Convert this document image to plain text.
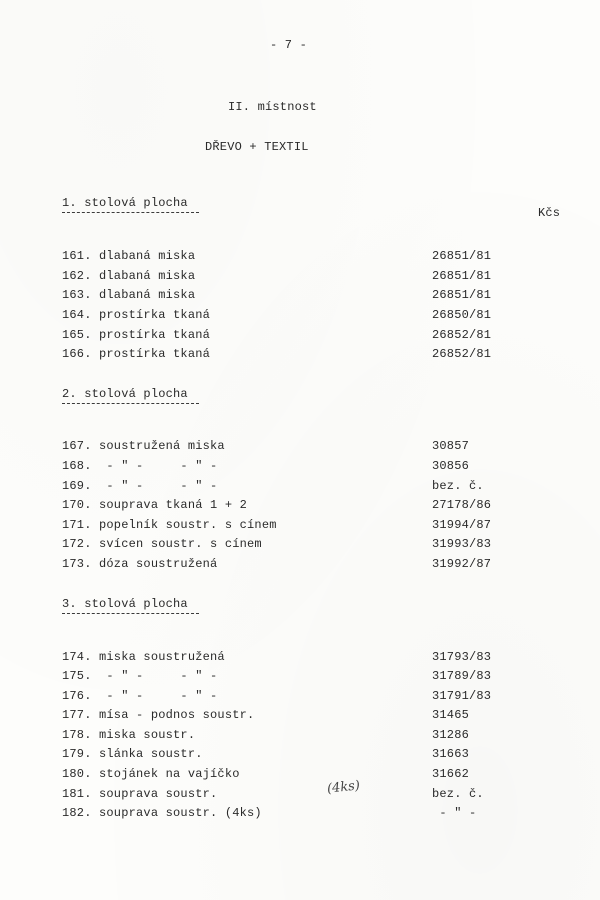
- 7 -
II. místnost
DŘEVO + TEXTIL
Kčs
1. stolová plocha
161. dlabaná miska	26851/81
162. dlabaná miska	26851/81
163. dlabaná miska	26851/81
164. prostírka tkaná	26850/81
165. prostírka tkaná	26852/81
166. prostírka tkaná	26852/81
2. stolová plocha
167. soustružená miska	30857
168.  - " -     - " -	30856
169.  - " -     - " -	bez. č.
170. souprava tkaná 1 + 2	27178/86
171. popelník soustr. s cínem	31994/87
172. svícen soustr. s cínem	31993/83
173. dóza soustružená	31992/87
3. stolová plocha
174. miska soustružená	31793/83
175.  - " -     - " -	31789/83
176.  - " -     - " -	31791/83
177. mísa - podnos soustr.	31465
178. miska soustr.	31286
179. slánka soustr.	31663
180. stojánek na vajíčko	31662
181. souprava soustr.	bez. č.
182. souprava soustr. (4ks)	- " -
(4ks)
